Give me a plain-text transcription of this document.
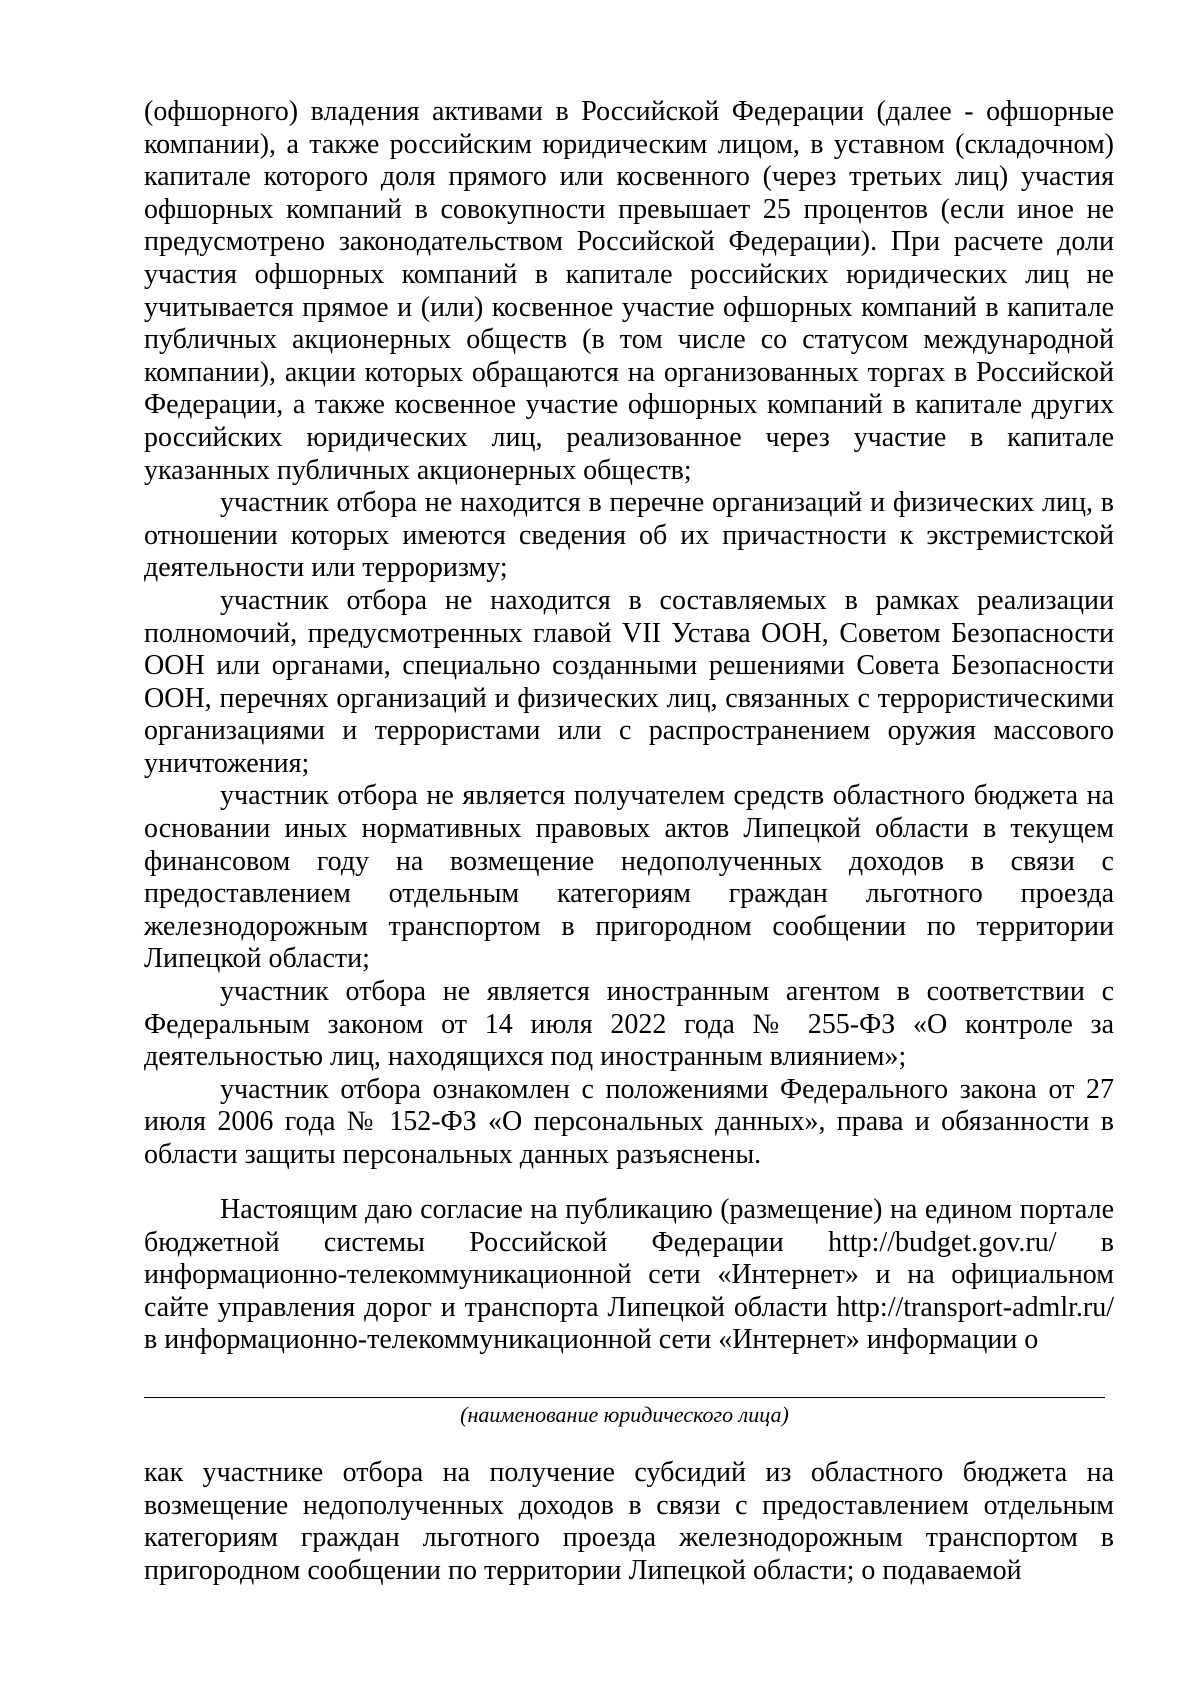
(офшорного) владения активами в Российской Федерации (далее - офшорные компании), а также российским юридическим лицом, в уставном (складочном) капитале которого доля прямого или косвенного (через третьих лиц) участия офшорных компаний в совокупности превышает 25 процентов (если иное не предусмотрено законодательством Российской Федерации). При расчете доли участия офшорных компаний в капитале российских юридических лиц не учитывается прямое и (или) косвенное участие офшорных компаний в капитале публичных акционерных обществ (в том числе со статусом международной компании), акции которых обращаются на организованных торгах в Российской Федерации, а также косвенное участие офшорных компаний в капитале других российских юридических лиц, реализованное через участие в капитале указанных публичных акционерных обществ;

участник отбора не находится в перечне организаций и физических лиц, в отношении которых имеются сведения об их причастности к экстремистской деятельности или терроризму;

участник отбора не находится в составляемых в рамках реализации полномочий, предусмотренных главой VII Устава ООН, Советом Безопасности ООН или органами, специально созданными решениями Совета Безопасности ООН, перечнях организаций и физических лиц, связанных с террористическими организациями и террористами или с распространением оружия массового уничтожения;

участник отбора не является получателем средств областного бюджета на основании иных нормативных правовых актов Липецкой области в текущем финансовом году на возмещение недополученных доходов в связи с предоставлением отдельным категориям граждан льготного проезда железнодорожным транспортом в пригородном сообщении по территории Липецкой области;

участник отбора не является иностранным агентом в соответствии с Федеральным законом от 14 июля 2022 года № 255-ФЗ «О контроле за деятельностью лиц, находящихся под иностранным влиянием»;

участник отбора ознакомлен с положениями Федерального закона от 27 июля 2006 года № 152-ФЗ «О персональных данных», права и обязанности в области защиты персональных данных разъяснены.

Настоящим даю согласие на публикацию (размещение) на едином портале бюджетной системы Российской Федерации http://budget.gov.ru/ в информационно-телекоммуникационной сети «Интернет» и на официальном сайте управления дорог и транспорта Липецкой области http://transport-admlr.ru/ в информационно-телекоммуникационной сети «Интернет» информации о

(наименование юридического лица)

как участнике отбора на получение субсидий из областного бюджета на возмещение недополученных доходов в связи с предоставлением отдельным категориям граждан льготного проезда железнодорожным транспортом в пригородном сообщении по территории Липецкой области; о подаваемой
